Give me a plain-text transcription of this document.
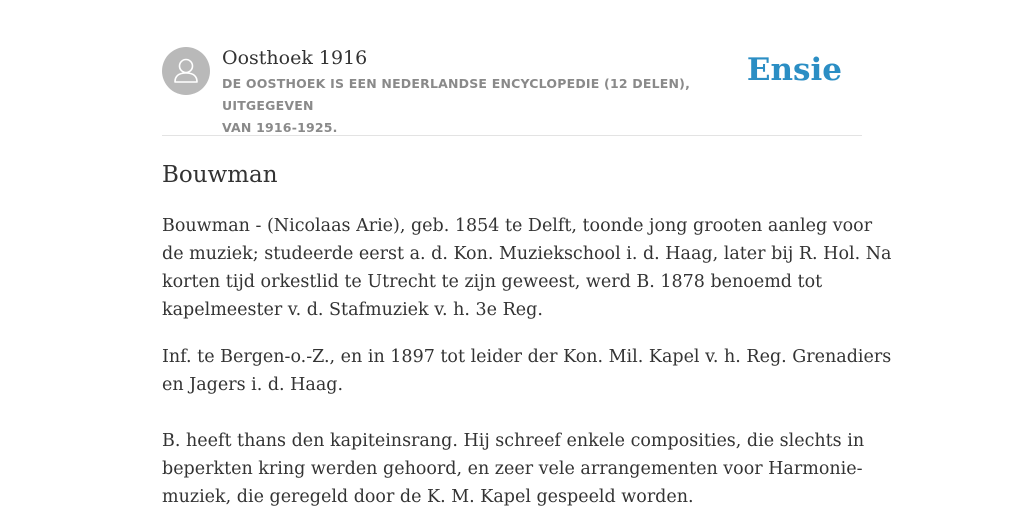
Oosthoek 1916
DE OOSTHOEK IS EEN NEDERLANDSE ENCYCLOPEDIE (12 DELEN), UITGEGEVEN
VAN 1916-1925.
Ensie
Bouwman

Bouwman - (Nicolaas Arie), geb. 1854 te Delft, toonde jong grooten aanleg voor
de muziek; studeerde eerst a. d. Kon. Muziekschool i. d. Haag, later bij R. Hol. Na
korten tijd orkestlid te Utrecht te zijn geweest, werd B. 1878 benoemd tot
kapelmeester v. d. Stafmuziek v. h. 3e Reg.

Inf. te Bergen-o.-Z., en in 1897 tot leider der Kon. Mil. Kapel v. h. Reg. Grenadiers
en Jagers i. d. Haag.

B. heeft thans den kapiteinsrang. Hij schreef enkele composities, die slechts in
beperkten kring werden gehoord, en zeer vele arrangementen voor Harmonie-
muziek, die geregeld door de K. M. Kapel gespeeld worden.
